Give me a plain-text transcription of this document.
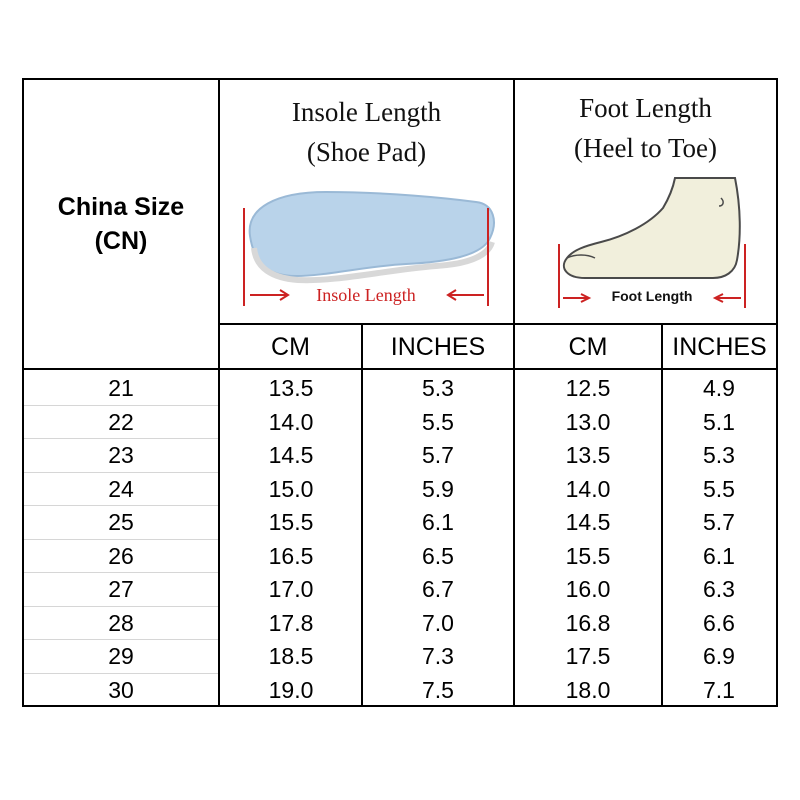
China Size
(CN)
Insole Length
(Shoe Pad)
Foot Length
(Heel to Toe)
Insole Length	Foot Length
CM	INCHES	CM	INCHES
21	13.5	5.3	12.5	4.9
22	14.0	5.5	13.0	5.1
23	14.5	5.7	13.5	5.3
24	15.0	5.9	14.0	5.5
25	15.5	6.1	14.5	5.7
26	16.5	6.5	15.5	6.1
27	17.0	6.7	16.0	6.3
28	17.8	7.0	16.8	6.6
29	18.5	7.3	17.5	6.9
30	19.0	7.5	18.0	7.1
